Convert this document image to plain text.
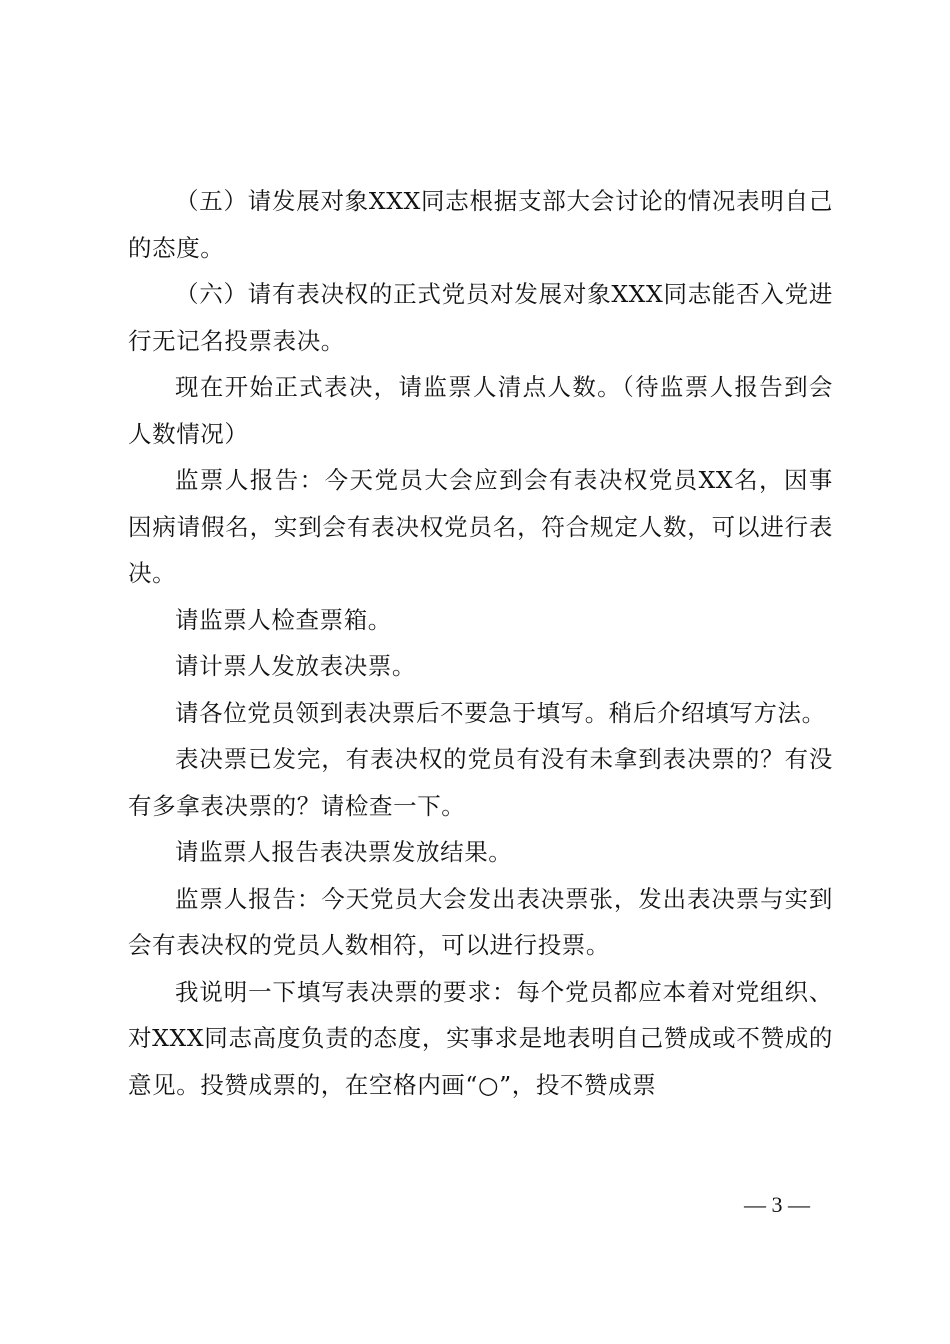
（五）请发展对象XXX同志根据支部大会讨论的情况表明自己的态度。

（六）请有表决权的正式党员对发展对象XXX同志能否入党进行无记名投票表决。

现在开始正式表决，请监票人清点人数。（待监票人报告到会人数情况）

监票人报告：今天党员大会应到会有表决权党员XX名，因事因病请假名，实到会有表决权党员名，符合规定人数，可以进行表决。

请监票人检查票箱。

请计票人发放表决票。

请各位党员领到表决票后不要急于填写。稍后介绍填写方法。

表决票已发完，有表决权的党员有没有未拿到表决票的？有没有多拿表决票的？请检查一下。

请监票人报告表决票发放结果。

监票人报告：今天党员大会发出表决票张，发出表决票与实到会有表决权的党员人数相符，可以进行投票。

我说明一下填写表决票的要求：每个党员都应本着对党组织、对XXX同志高度负责的态度，实事求是地表明自己赞成或不赞成的意见。投赞成票的，在空格内画“○”，投不赞成票

— 3 —
